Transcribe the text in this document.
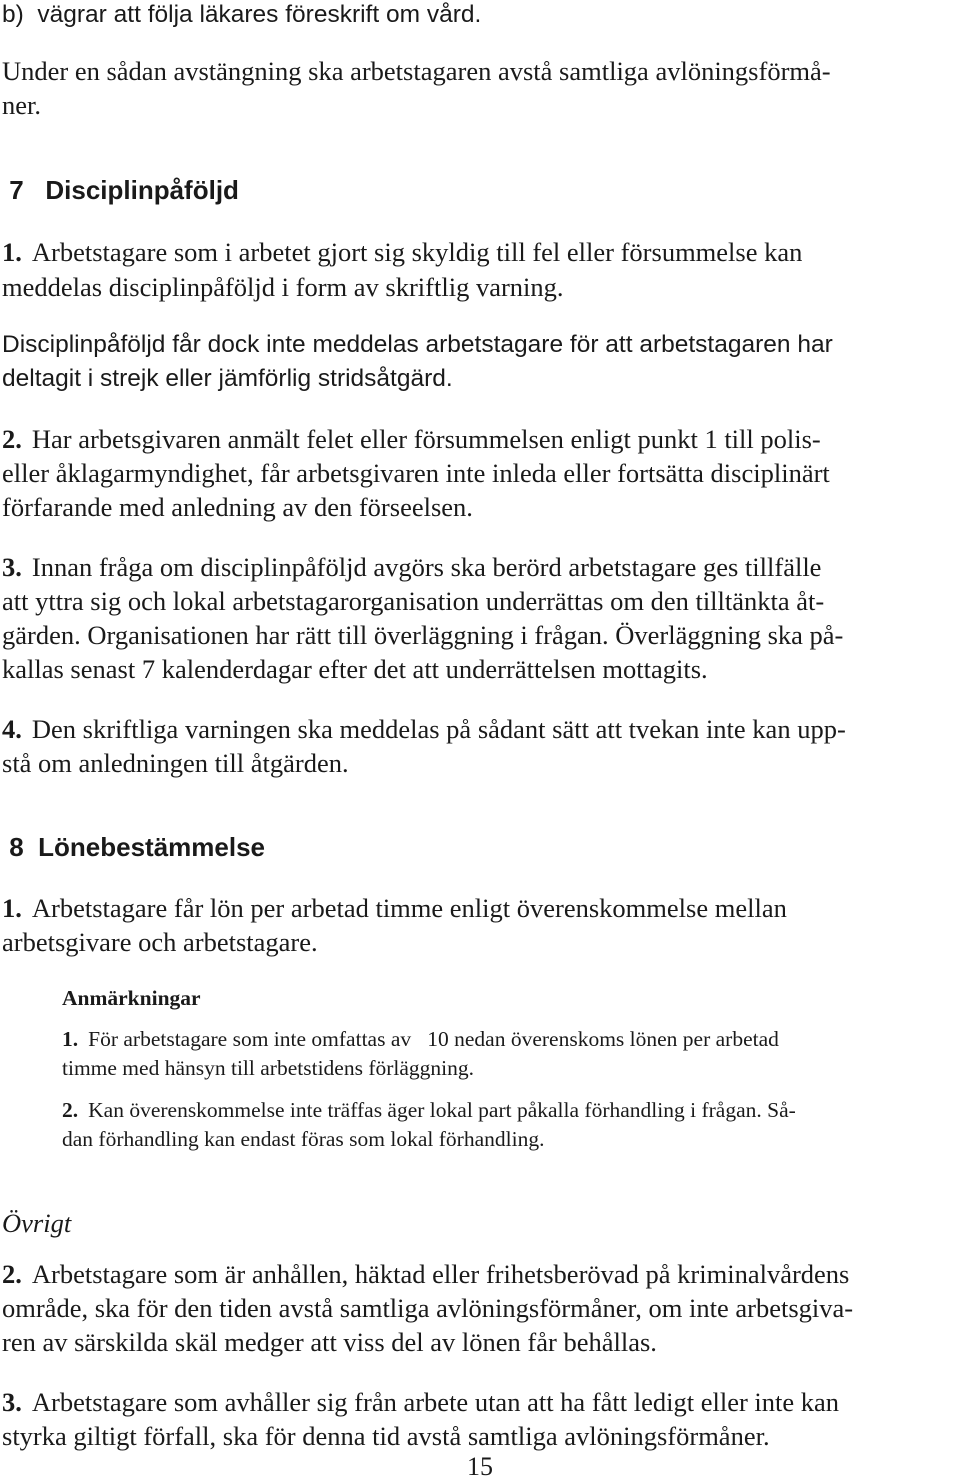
b)  vägrar att följa läkares föreskrift om vård.
Under en sådan avstängning ska arbetstagaren avstå samtliga avlöningsförmå-
ner.
7   Disciplinpåföljd
1. Arbetstagare som i arbetet gjort sig skyldig till fel eller försummelse kan
meddelas disciplinpåföljd i form av skriftlig varning.
Disciplinpåföljd får dock inte meddelas arbetstagare för att arbetstagaren har
deltagit i strejk eller jämförlig stridsåtgärd.
2. Har arbetsgivaren anmält felet eller försummelsen enligt punkt 1 till polis-
eller åklagarmyndighet, får arbetsgivaren inte inleda eller fortsätta disciplinärt
förfarande med anledning av den förseelsen.
3. Innan fråga om disciplinpåföljd avgörs ska berörd arbetstagare ges tillfälle
att yttra sig och lokal arbetstagarorganisation underrättas om den tilltänkta åt-
gärden. Organisationen har rätt till överläggning i frågan. Överläggning ska på-
kallas senast 7 kalenderdagar efter det att underrättelsen mottagits.
4. Den skriftliga varningen ska meddelas på sådant sätt att tvekan inte kan upp-
stå om anledningen till åtgärden.
8  Lönebestämmelse
1. Arbetstagare får lön per arbetad timme enligt överenskommelse mellan
arbetsgivare och arbetstagare.
Anmärkningar
1. För arbetstagare som inte omfattas av   10 nedan överenskoms lönen per arbetad
timme med hänsyn till arbetstidens förläggning.
2. Kan överenskommelse inte träffas äger lokal part påkalla förhandling i frågan. Så-
dan förhandling kan endast föras som lokal förhandling.
Övrigt
2. Arbetstagare som är anhållen, häktad eller frihetsberövad på kriminalvårdens
område, ska för den tiden avstå samtliga avlöningsförmåner, om inte arbetsgiva-
ren av särskilda skäl medger att viss del av lönen får behållas.
3. Arbetstagare som avhåller sig från arbete utan att ha fått ledigt eller inte kan
styrka giltigt förfall, ska för denna tid avstå samtliga avlöningsförmåner.
15
